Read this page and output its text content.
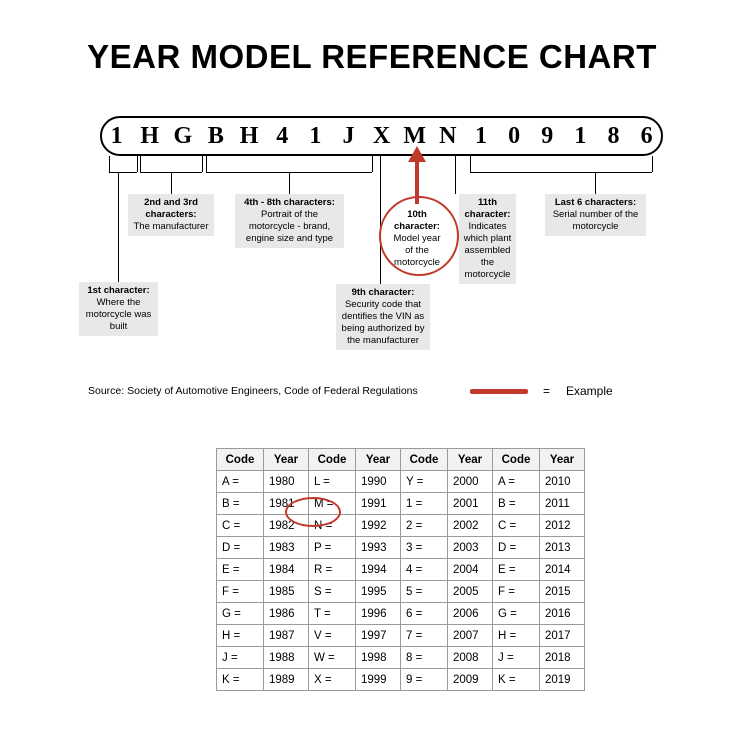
YEAR MODEL REFERENCE CHART
1 H G B H 4 1 J X M N 1 0 9 1 8 6
1st character:
Where the motorcycle was built
2nd and 3rd characters:
The manufacturer
4th - 8th characters:
Portrait of the motorcycle - brand, engine size and type
9th character: Security code that dentifies the VIN as being authorized by the manufacturer
10th character:
Model year of the motorcycle
11th character:
Indicates which plant assembled the motorcycle
Last 6 characters:
Serial number of the motorcycle
Source: Society of Automotive Engineers, Code of Federal Regulations	= Example
Code	Year	Code	Year	Code	Year	Code	Year
A =	1980	L =	1990	Y =	2000	A =	2010
B =	1981	M =	1991	1 =	2001	B =	2011
C =	1982	N =	1992	2 =	2002	C =	2012
D =	1983	P =	1993	3 =	2003	D =	2013
E =	1984	R =	1994	4 =	2004	E =	2014
F =	1985	S =	1995	5 =	2005	F =	2015
G =	1986	T =	1996	6 =	2006	G =	2016
H =	1987	V =	1997	7 =	2007	H =	2017
J =	1988	W =	1998	8 =	2008	J =	2018
K =	1989	X =	1999	9 =	2009	K =	2019
